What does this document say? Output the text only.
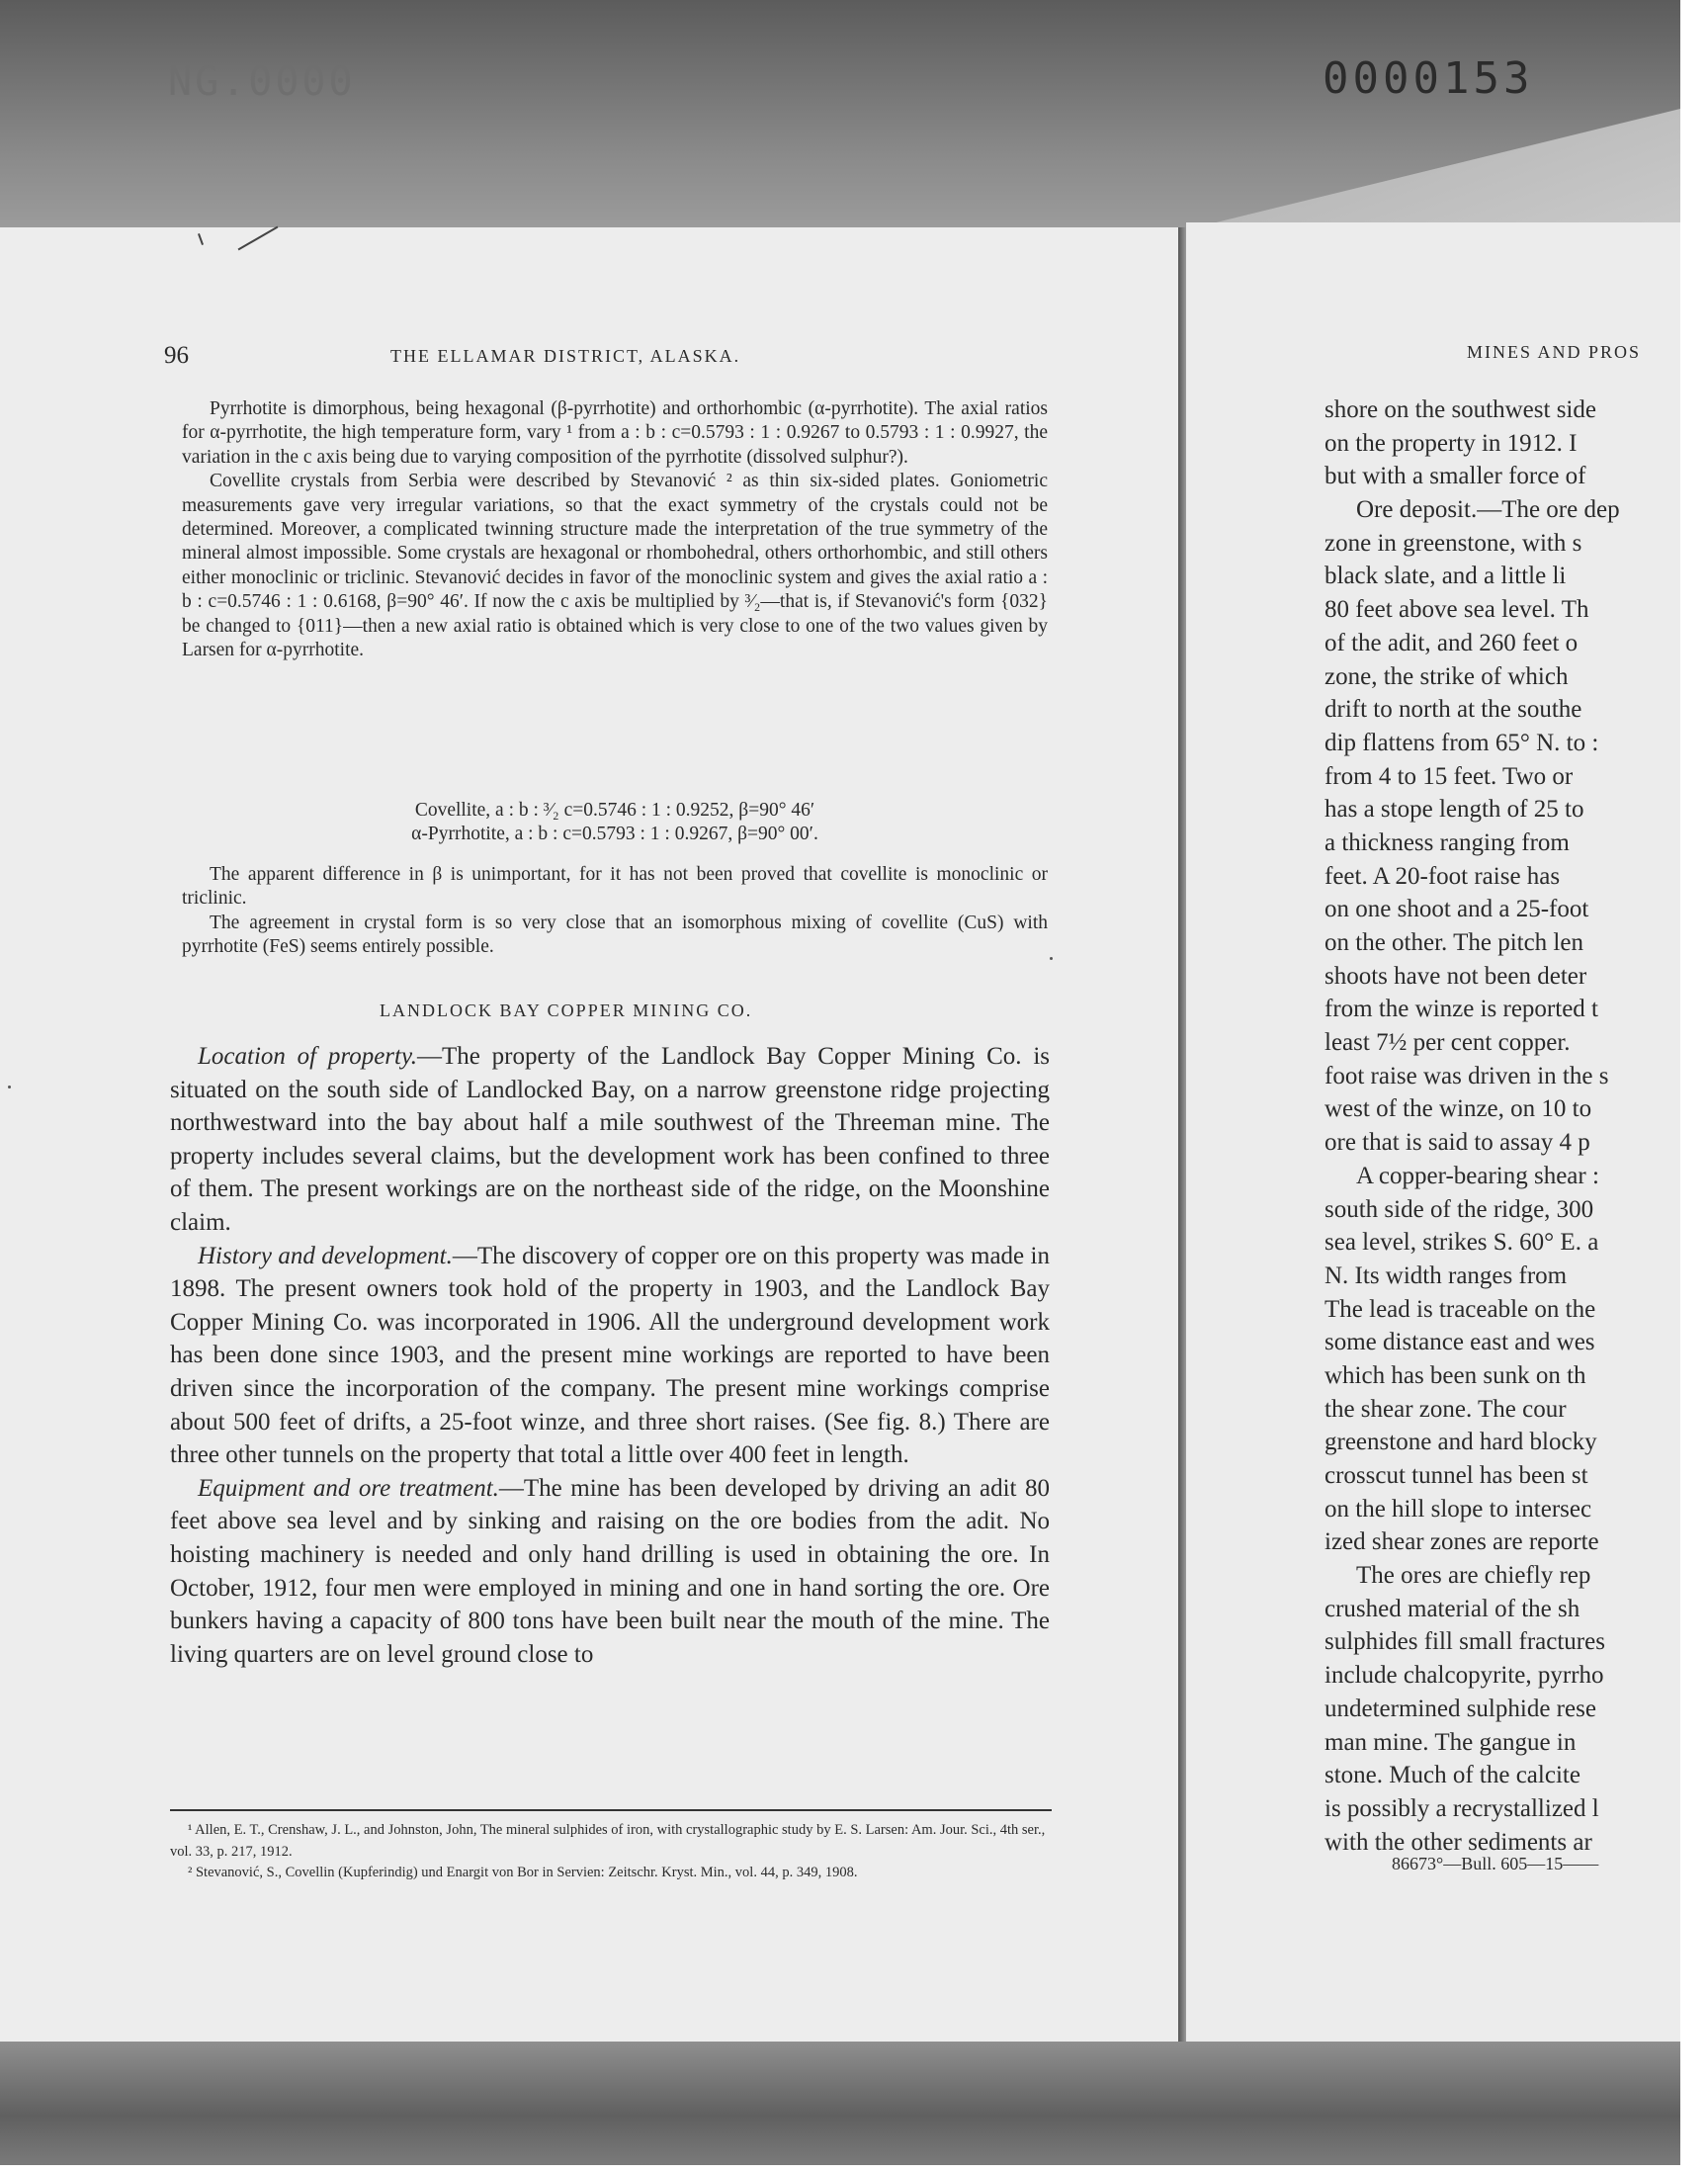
NG.0000	0000153
96	THE ELLAMAR DISTRICT, ALASKA.

Pyrrhotite is dimorphous, being hexagonal (β-pyrrhotite) and orthorhombic (α-pyrrhotite). The axial ratios for α-pyrrhotite, the high temperature form, vary ¹ from a : b : c=0.5793 : 1 : 0.9267 to 0.5793 : 1 : 0.9927, the variation in the c axis being due to varying composition of the pyrrhotite (dissolved sulphur?).

Covellite crystals from Serbia were described by Stevanović ² as thin six-sided plates. Goniometric measurements gave very irregular variations, so that the exact symmetry of the crystals could not be determined. Moreover, a complicated twinning structure made the interpretation of the true symmetry of the mineral almost impossible. Some crystals are hexagonal or rhombohedral, others orthorhombic, and still others either monoclinic or triclinic. Stevanović decides in favor of the monoclinic system and gives the axial ratio a : b : c=0.5746 : 1 : 0.6168, β=90° 46′. If now the c axis be multiplied by ³⁄₂—that is, if Stevanović's form {032} be changed to {011}—then a new axial ratio is obtained which is very close to one of the two values given by Larsen for α-pyrrhotite.

Covellite, a : b : ³⁄₂ c=0.5746 : 1 : 0.9252, β=90° 46′
α-Pyrrhotite, a : b : c=0.5793 : 1 : 0.9267, β=90° 00′.

The apparent difference in β is unimportant, for it has not been proved that covellite is monoclinic or triclinic.

The agreement in crystal form is so very close that an isomorphous mixing of covellite (CuS) with pyrrhotite (FeS) seems entirely possible.

LANDLOCK BAY COPPER MINING CO.

Location of property.—The property of the Landlock Bay Copper Mining Co. is situated on the south side of Landlocked Bay, on a narrow greenstone ridge projecting northwestward into the bay about half a mile southwest of the Threeman mine. The property includes several claims, but the development work has been confined to three of them. The present workings are on the northeast side of the ridge, on the Moonshine claim.

History and development.—The discovery of copper ore on this property was made in 1898. The present owners took hold of the property in 1903, and the Landlock Bay Copper Mining Co. was incorporated in 1906. All the underground development work has been done since 1903, and the present mine workings are reported to have been driven since the incorporation of the company. The present mine workings comprise about 500 feet of drifts, a 25-foot winze, and three short raises. (See fig. 8.) There are three other tunnels on the property that total a little over 400 feet in length.

Equipment and ore treatment.—The mine has been developed by driving an adit 80 feet above sea level and by sinking and raising on the ore bodies from the adit. No hoisting machinery is needed and only hand drilling is used in obtaining the ore. In October, 1912, four men were employed in mining and one in hand sorting the ore. Ore bunkers having a capacity of 800 tons have been built near the mouth of the mine. The living quarters are on level ground close to

¹ Allen, E. T., Crenshaw, J. L., and Johnston, John, The mineral sulphides of iron, with crystallographic study by E. S. Larsen: Am. Jour. Sci., 4th ser., vol. 33, p. 217, 1912.

² Stevanović, S., Covellin (Kupferindig) und Enargit von Bor in Servien: Zeitschr. Kryst. Min., vol. 44, p. 349, 1908.

MINES AND PROS
shore on the southwest side
on the property in 1912. I
but with a smaller force of
Ore deposit.—The ore dep
zone in greenstone, with s
black slate, and a little li
80 feet above sea level. Th
of the adit, and 260 feet o
zone, the strike of which
drift to north at the southe
dip flattens from 65° N. to :
from 4 to 15 feet. Two or
has a stope length of 25 to
a thickness ranging from
feet. A 20-foot raise has
on one shoot and a 25-foot
on the other. The pitch len
shoots have not been deter
from the winze is reported t
least 7½ per cent copper.
foot raise was driven in the s
west of the winze, on 10 to
ore that is said to assay 4 p
A copper-bearing shear :
south side of the ridge, 300
sea level, strikes S. 60° E. a
N. Its width ranges from
The lead is traceable on the
some distance east and wes
which has been sunk on th
the shear zone. The cour
greenstone and hard blocky
crosscut tunnel has been st
on the hill slope to intersec
ized shear zones are reporte
The ores are chiefly rep
crushed material of the sh
sulphides fill small fractures
include chalcopyrite, pyrrho
undetermined sulphide rese
man mine. The gangue in
stone. Much of the calcite
is possibly a recrystallized l
with the other sediments ar
86673°—Bull. 605—15——
